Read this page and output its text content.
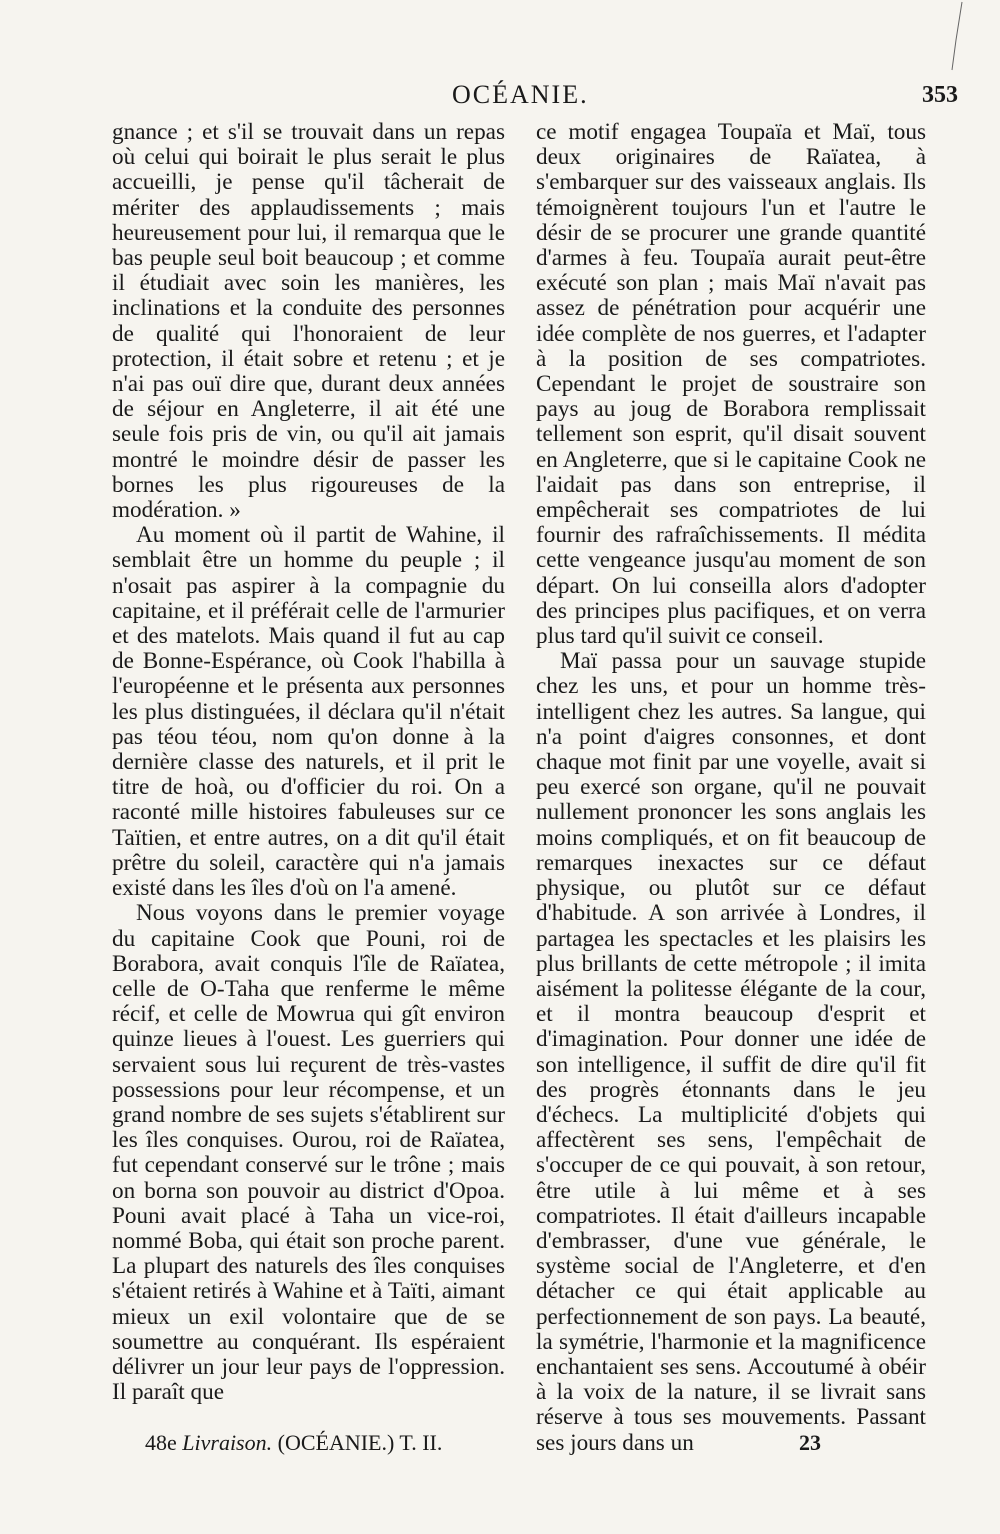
OCÉANIE.	353

gnance ; et s'il se trouvait dans un repas où celui qui boirait le plus serait le plus accueilli, je pense qu'il tâcherait de mériter des applaudissements ; mais heureusement pour lui, il remarqua que le bas peuple seul boit beaucoup ; et comme il étudiait avec soin les manières, les inclinations et la conduite des personnes de qualité qui l'honoraient de leur protection, il était sobre et retenu ; et je n'ai pas ouï dire que, durant deux années de séjour en Angleterre, il ait été une seule fois pris de vin, ou qu'il ait jamais montré le moindre désir de passer les bornes les plus rigoureuses de la modération. »

Au moment où il partit de Wahine, il semblait être un homme du peuple ; il n'osait pas aspirer à la compagnie du capitaine, et il préférait celle de l'armurier et des matelots. Mais quand il fut au cap de Bonne-Espérance, où Cook l'habilla à l'européenne et le présenta aux personnes les plus distinguées, il déclara qu'il n'était pas téou téou, nom qu'on donne à la dernière classe des naturels, et il prit le titre de hoà, ou d'officier du roi. On a raconté mille histoires fabuleuses sur ce Taïtien, et entre autres, on a dit qu'il était prêtre du soleil, caractère qui n'a jamais existé dans les îles d'où on l'a amené.

Nous voyons dans le premier voyage du capitaine Cook que Pouni, roi de Borabora, avait conquis l'île de Raïatea, celle de O-Taha que renferme le même récif, et celle de Mowrua qui gît environ quinze lieues à l'ouest. Les guerriers qui servaient sous lui reçurent de très-vastes possessions pour leur récompense, et un grand nombre de ses sujets s'établirent sur les îles conquises. Ourou, roi de Raïatea, fut cependant conservé sur le trône ; mais on borna son pouvoir au district d'Opoa. Pouni avait placé à Taha un vice-roi, nommé Boba, qui était son proche parent. La plupart des naturels des îles conquises s'étaient retirés à Wahine et à Taïti, aimant mieux un exil volontaire que de se soumettre au conquérant. Ils espéraient délivrer un jour leur pays de l'oppression. Il paraît que

ce motif engagea Toupaïa et Maï, tous deux originaires de Raïatea, à s'embarquer sur des vaisseaux anglais. Ils témoignèrent toujours l'un et l'autre le désir de se procurer une grande quantité d'armes à feu. Toupaïa aurait peut-être exécuté son plan ; mais Maï n'avait pas assez de pénétration pour acquérir une idée complète de nos guerres, et l'adapter à la position de ses compatriotes. Cependant le projet de soustraire son pays au joug de Borabora remplissait tellement son esprit, qu'il disait souvent en Angleterre, que si le capitaine Cook ne l'aidait pas dans son entreprise, il empêcherait ses compatriotes de lui fournir des rafraîchissements. Il médita cette vengeance jusqu'au moment de son départ. On lui conseilla alors d'adopter des principes plus pacifiques, et on verra plus tard qu'il suivit ce conseil.

Maï passa pour un sauvage stupide chez les uns, et pour un homme très-intelligent chez les autres. Sa langue, qui n'a point d'aigres consonnes, et dont chaque mot finit par une voyelle, avait si peu exercé son organe, qu'il ne pouvait nullement prononcer les sons anglais les moins compliqués, et on fit beaucoup de remarques inexactes sur ce défaut physique, ou plutôt sur ce défaut d'habitude. A son arrivée à Londres, il partagea les spectacles et les plaisirs les plus brillants de cette métropole ; il imita aisément la politesse élégante de la cour, et il montra beaucoup d'esprit et d'imagination. Pour donner une idée de son intelligence, il suffit de dire qu'il fit des progrès étonnants dans le jeu d'échecs. La multiplicité d'objets qui affectèrent ses sens, l'empêchait de s'occuper de ce qui pouvait, à son retour, être utile à lui même et à ses compatriotes. Il était d'ailleurs incapable d'embrasser, d'une vue générale, le système social de l'Angleterre, et d'en détacher ce qui était applicable au perfectionnement de son pays. La beauté, la symétrie, l'harmonie et la magnificence enchantaient ses sens. Accoutumé à obéir à la voix de la nature, il se livrait sans réserve à tous ses mouvements. Passant ses jours dans un

48e Livraison. (OCÉANIE.) T. II.	23
